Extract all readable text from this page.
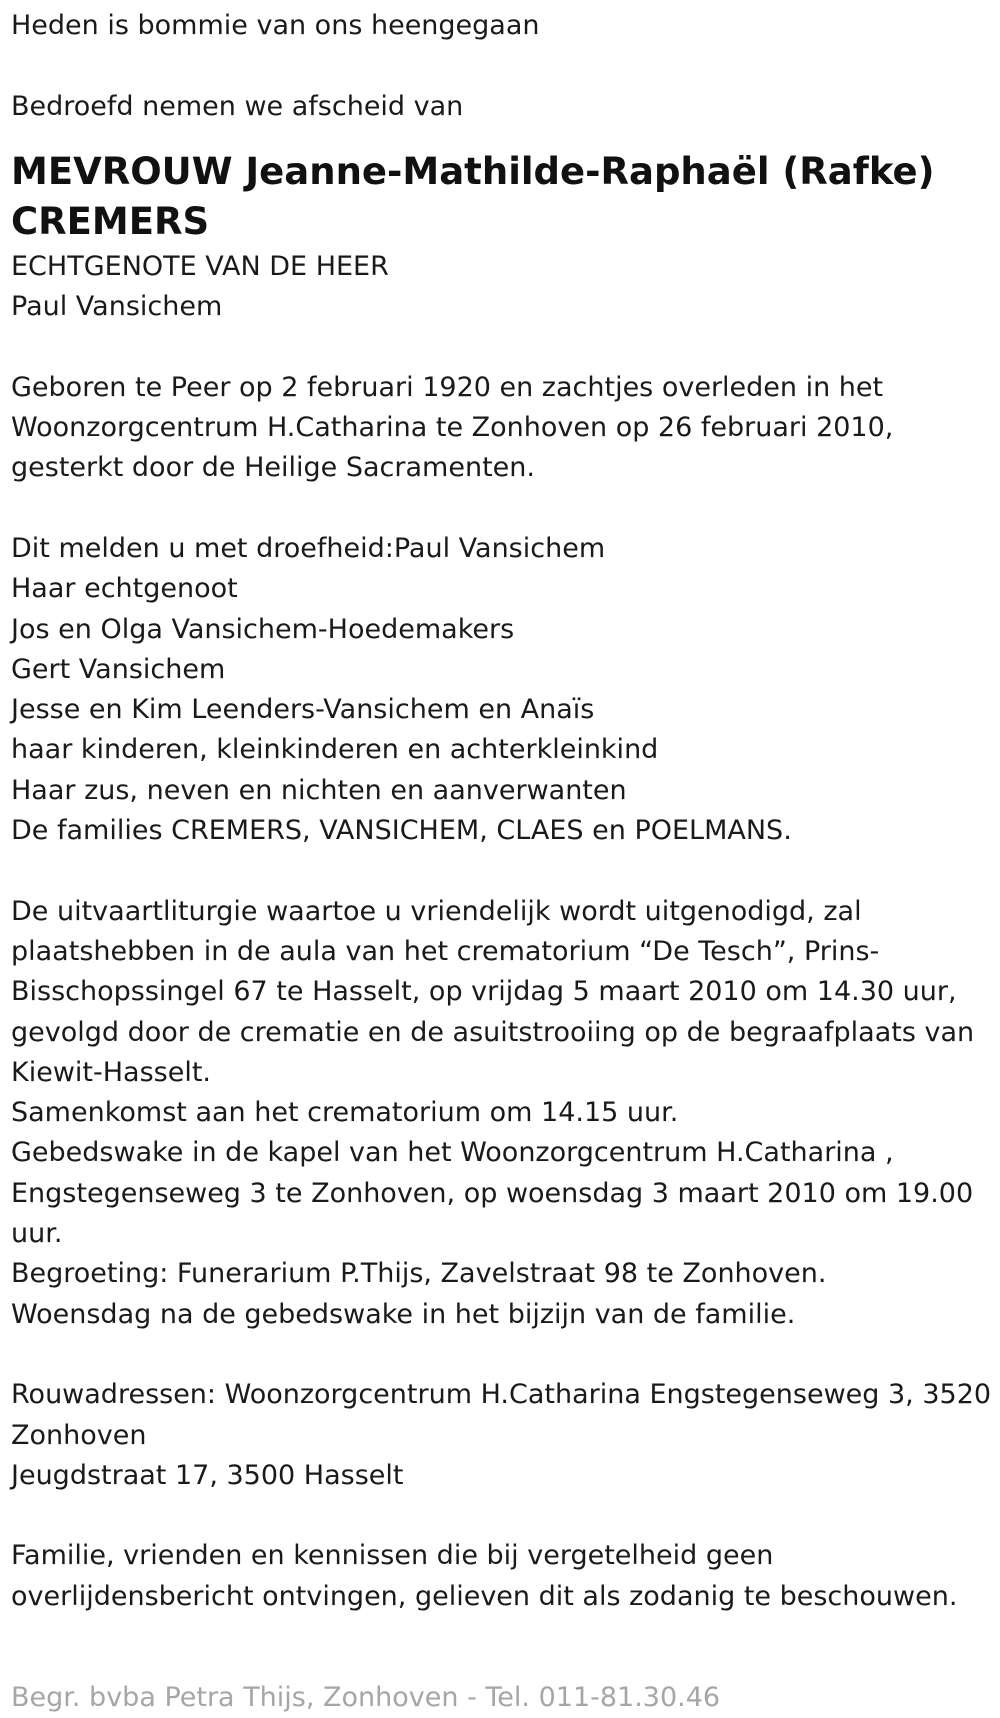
Heden is bommie van ons heengegaan
Bedroefd nemen we afscheid van
MEVROUW Jeanne-Mathilde-Raphaël (Rafke)
CREMERS
ECHTGENOTE VAN DE HEER
Paul Vansichem
Geboren te Peer op 2 februari 1920 en zachtjes overleden in het
Woonzorgcentrum H.Catharina te Zonhoven op 26 februari 2010,
gesterkt door de Heilige Sacramenten.
Dit melden u met droefheid:Paul Vansichem
Haar echtgenoot
Jos en Olga Vansichem-Hoedemakers
Gert Vansichem
Jesse en Kim Leenders-Vansichem en Anaïs
haar kinderen, kleinkinderen en achterkleinkind
Haar zus, neven en nichten en aanverwanten
De families CREMERS, VANSICHEM, CLAES en POELMANS.
De uitvaartliturgie waartoe u vriendelijk wordt uitgenodigd, zal
plaatshebben in de aula van het crematorium “De Tesch”, Prins-
Bisschopssingel 67 te Hasselt, op vrijdag 5 maart 2010 om 14.30 uur,
gevolgd door de crematie en de asuitstrooiing op de begraafplaats van
Kiewit-Hasselt.
Samenkomst aan het crematorium om 14.15 uur.
Gebedswake in de kapel van het Woonzorgcentrum H.Catharina ,
Engstegenseweg 3 te Zonhoven, op woensdag 3 maart 2010 om 19.00
uur.
Begroeting: Funerarium P.Thijs, Zavelstraat 98 te Zonhoven.
Woensdag na de gebedswake in het bijzijn van de familie.
Rouwadressen: Woonzorgcentrum H.Catharina Engstegenseweg 3, 3520
Zonhoven
Jeugdstraat 17, 3500 Hasselt
Familie, vrienden en kennissen die bij vergetelheid geen
overlijdensbericht ontvingen, gelieven dit als zodanig te beschouwen.
Begr. bvba Petra Thijs, Zonhoven - Tel. 011-81.30.46
